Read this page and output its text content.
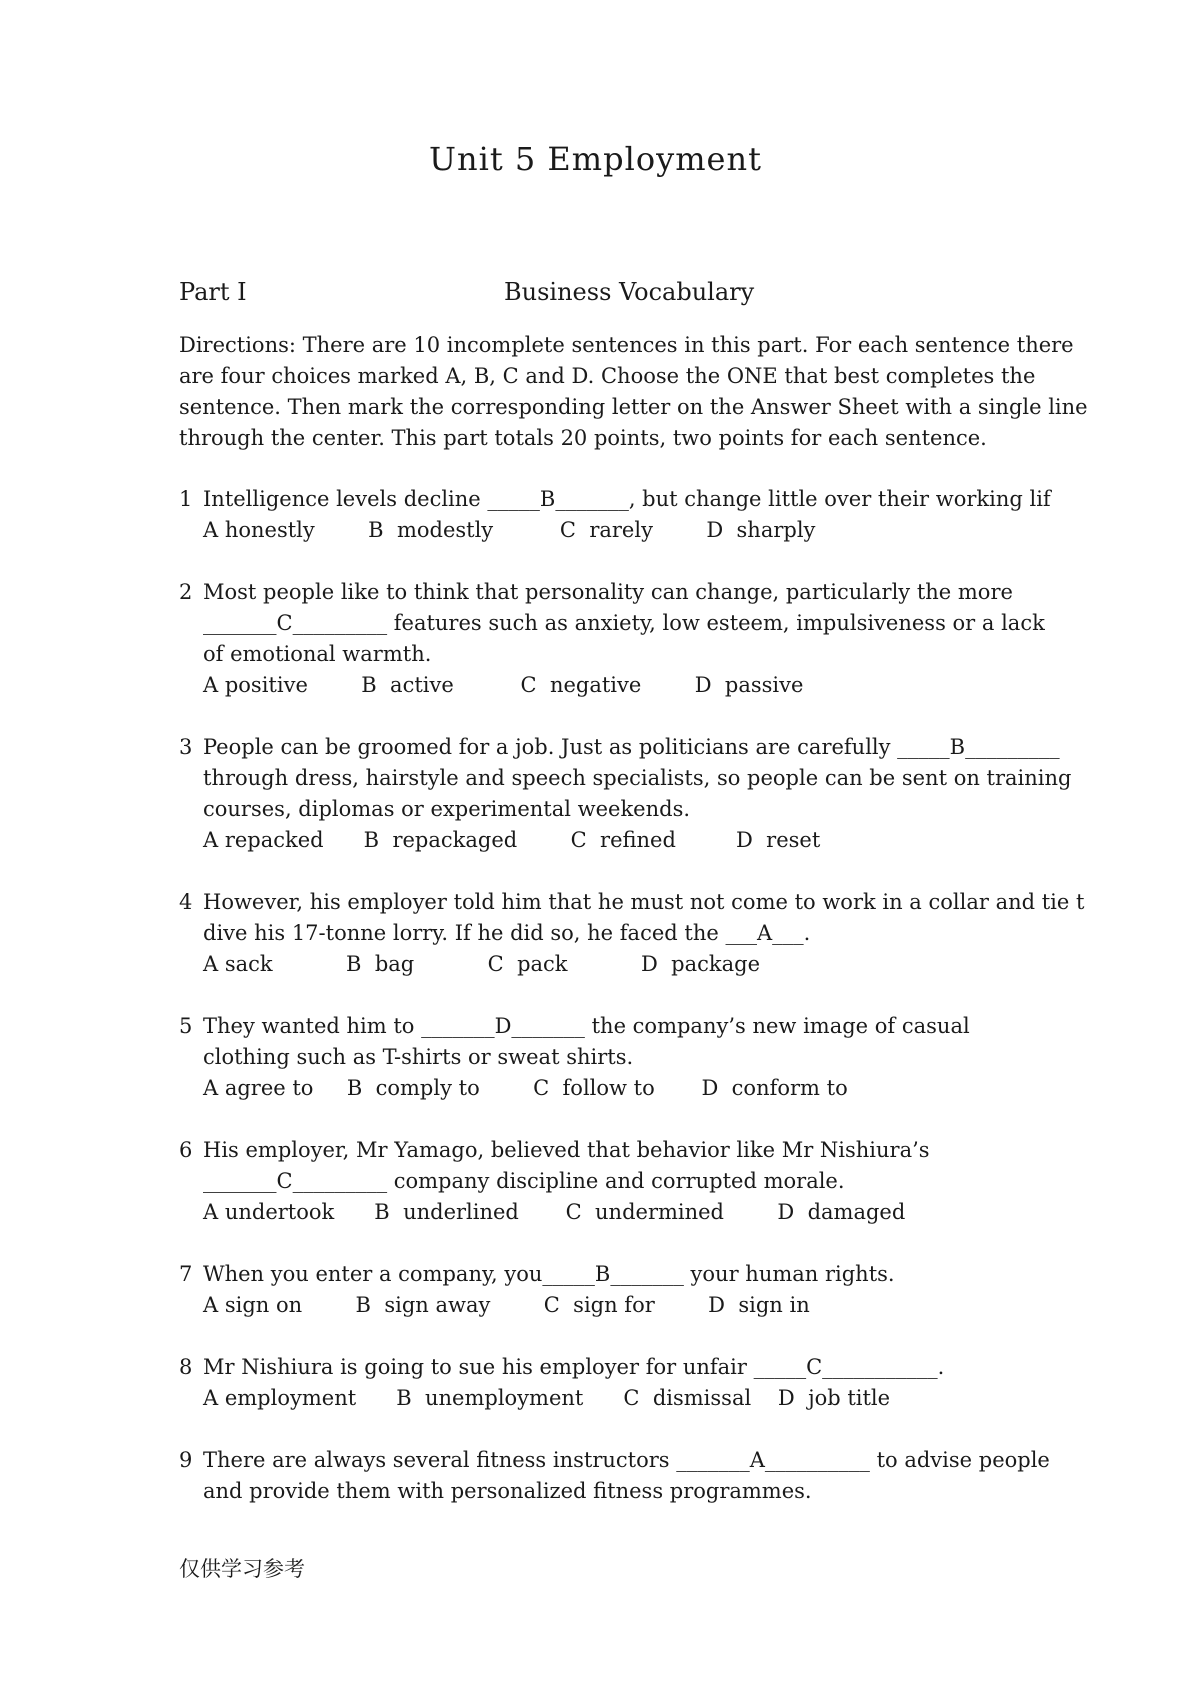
Unit 5 Employment
Part I	Business Vocabulary
Directions: There are 10 incomplete sentences in this part. For each sentence there
are four choices marked A, B, C and D. Choose the ONE that best completes the
sentence. Then mark the corresponding letter on the Answer Sheet with a single line
through the center. This part totals 20 points, two points for each sentence.
1 Intelligence levels decline _____B_______, but change little over their working lif
A honestly        B  modestly          C  rarely        D  sharply
2 Most people like to think that personality can change, particularly the more
_______C_________ features such as anxiety, low esteem, impulsiveness or a lack
of emotional warmth.
A positive        B  active          C  negative        D  passive
3 People can be groomed for a job. Just as politicians are carefully _____B_________
through dress, hairstyle and speech specialists, so people can be sent on training
courses, diplomas or experimental weekends.
A repacked      B  repackaged        C  refined         D  reset
4 However, his employer told him that he must not come to work in a collar and tie t
dive his 17-tonne lorry. If he did so, he faced the ___A___.
A sack           B  bag           C  pack           D  package
5 They wanted him to _______D_______ the company’s new image of casual
clothing such as T-shirts or sweat shirts.
A agree to     B  comply to        C  follow to       D  conform to
6 His employer, Mr Yamago, believed that behavior like Mr Nishiura’s
_______C_________ company discipline and corrupted morale.
A undertook      B  underlined       C  undermined        D  damaged
7 When you enter a company, you_____B_______ your human rights.
A sign on        B  sign away        C  sign for        D  sign in
8 Mr Nishiura is going to sue his employer for unfair _____C___________.
A employment      B  unemployment      C  dismissal    D  job title
9 There are always several fitness instructors _______A__________ to advise people
and provide them with personalized fitness programmes.
仅供学习参考
